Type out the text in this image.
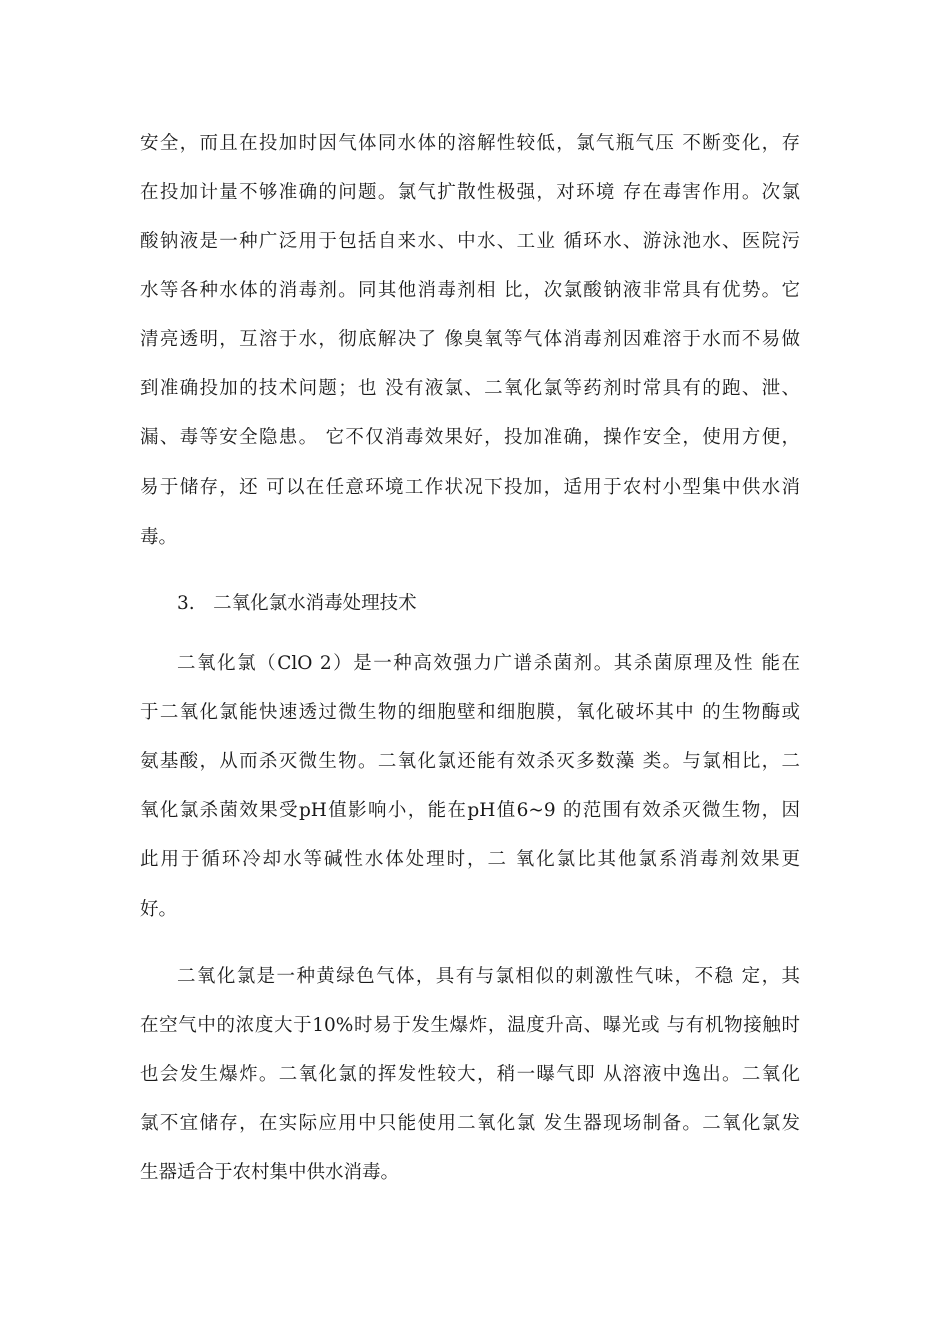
安全，而且在投加时因气体同水体的溶解性较低，氯气瓶气压 不断变化，存
在投加计量不够准确的问题。氯气扩散性极强，对环境 存在毒害作用。次氯
酸钠液是一种广泛用于包括自来水、中水、工业 循环水、游泳池水、医院污
水等各种水体的消毒剂。同其他消毒剂相 比，次氯酸钠液非常具有优势。它
清亮透明，互溶于水，彻底解决了 像臭氧等气体消毒剂因难溶于水而不易做
到准确投加的技术问题；也 没有液氯、二氧化氯等药剂时常具有的跑、泄、
漏、毒等安全隐患。 它不仅消毒效果好，投加准确，操作安全，使用方便，
易于储存，还 可以在任意环境工作状况下投加，适用于农村小型集中供水消
毒。
3.　二氧化氯水消毒处理技术
二氧化氯（ClO 2）是一种高效强力广谱杀菌剂。其杀菌原理及性 能在
于二氧化氯能快速透过微生物的细胞壁和细胞膜，氧化破坏其中 的生物酶或
氨基酸，从而杀灭微生物。二氧化氯还能有效杀灭多数藻 类。与氯相比，二
氧化氯杀菌效果受pH值影响小，能在pH值6~9 的范围有效杀灭微生物，因
此用于循环冷却水等碱性水体处理时，二 氧化氯比其他氯系消毒剂效果更
好。
二氧化氯是一种黄绿色气体，具有与氯相似的刺激性气味，不稳 定，其
在空气中的浓度大于10%时易于发生爆炸，温度升高、曝光或 与有机物接触时
也会发生爆炸。二氧化氯的挥发性较大，稍一曝气即 从溶液中逸出。二氧化
氯不宜储存，在实际应用中只能使用二氧化氯 发生器现场制备。二氧化氯发
生器适合于农村集中供水消毒。
